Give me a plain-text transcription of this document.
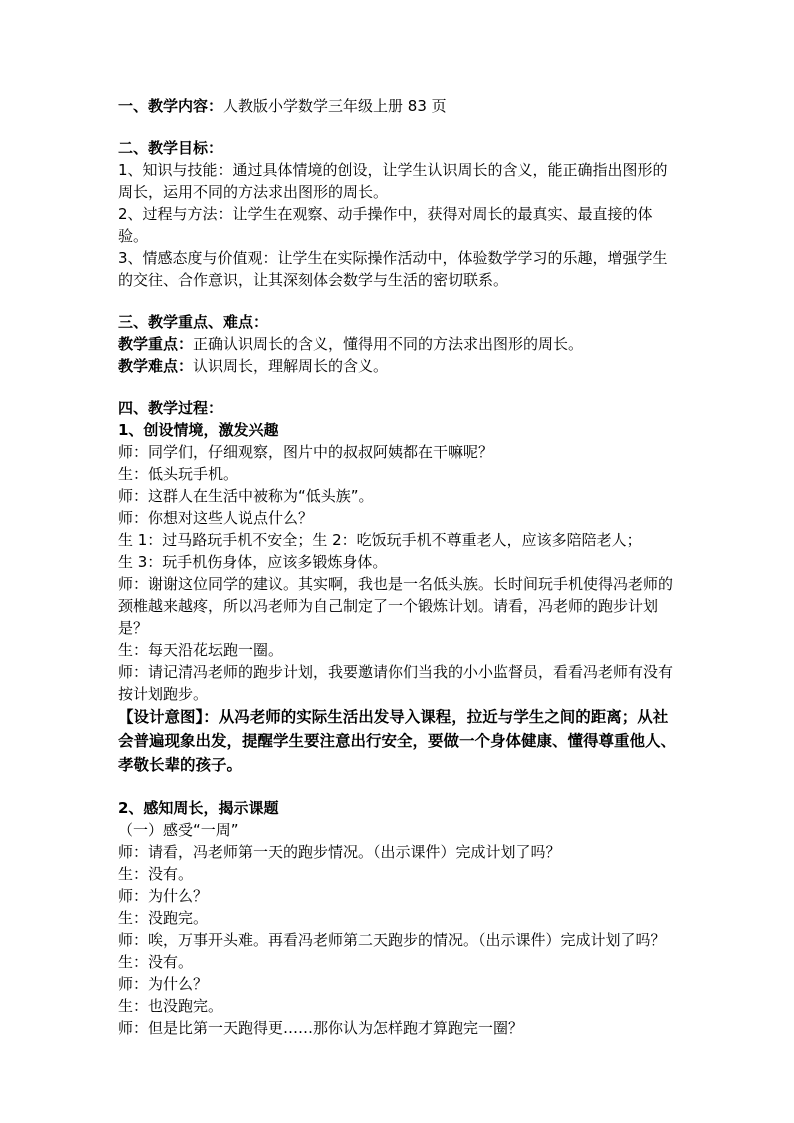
一、教学内容：人教版小学数学三年级上册 83 页

二、教学目标：

1、知识与技能：通过具体情境的创设，让学生认识周长的含义，能正确指出图形的周长，运用不同的方法求出图形的周长。

2、过程与方法：让学生在观察、动手操作中，获得对周长的最真实、最直接的体验。

3、情感态度与价值观：让学生在实际操作活动中，体验数学学习的乐趣，增强学生的交往、合作意识，让其深刻体会数学与生活的密切联系。

三、教学重点、难点：

教学重点：正确认识周长的含义，懂得用不同的方法求出图形的周长。

教学难点：认识周长，理解周长的含义。

四、教学过程：

1、创设情境，激发兴趣

师：同学们，仔细观察，图片中的叔叔阿姨都在干嘛呢？

生：低头玩手机。

师：这群人在生活中被称为“低头族”。

师：你想对这些人说点什么？

生 1：过马路玩手机不安全；生 2：吃饭玩手机不尊重老人，应该多陪陪老人；

生 3：玩手机伤身体，应该多锻炼身体。

师：谢谢这位同学的建议。其实啊，我也是一名低头族。长时间玩手机使得冯老师的颈椎越来越疼，所以冯老师为自己制定了一个锻炼计划。请看，冯老师的跑步计划是？

生：每天沿花坛跑一圈。

师：请记清冯老师的跑步计划，我要邀请你们当我的小小监督员，看看冯老师有没有按计划跑步。

【设计意图】：从冯老师的实际生活出发导入课程，拉近与学生之间的距离；从社会普遍现象出发，提醒学生要注意出行安全，要做一个身体健康、懂得尊重他人、孝敬长辈的孩子。

2、感知周长，揭示课题

（一）感受“一周”

师：请看，冯老师第一天的跑步情况。（出示课件）完成计划了吗？

生：没有。

师：为什么？

生：没跑完。

师：唉，万事开头难。再看冯老师第二天跑步的情况。（出示课件）完成计划了吗？

生：没有。

师：为什么？

生：也没跑完。

师：但是比第一天跑得更……那你认为怎样跑才算跑完一圈？
